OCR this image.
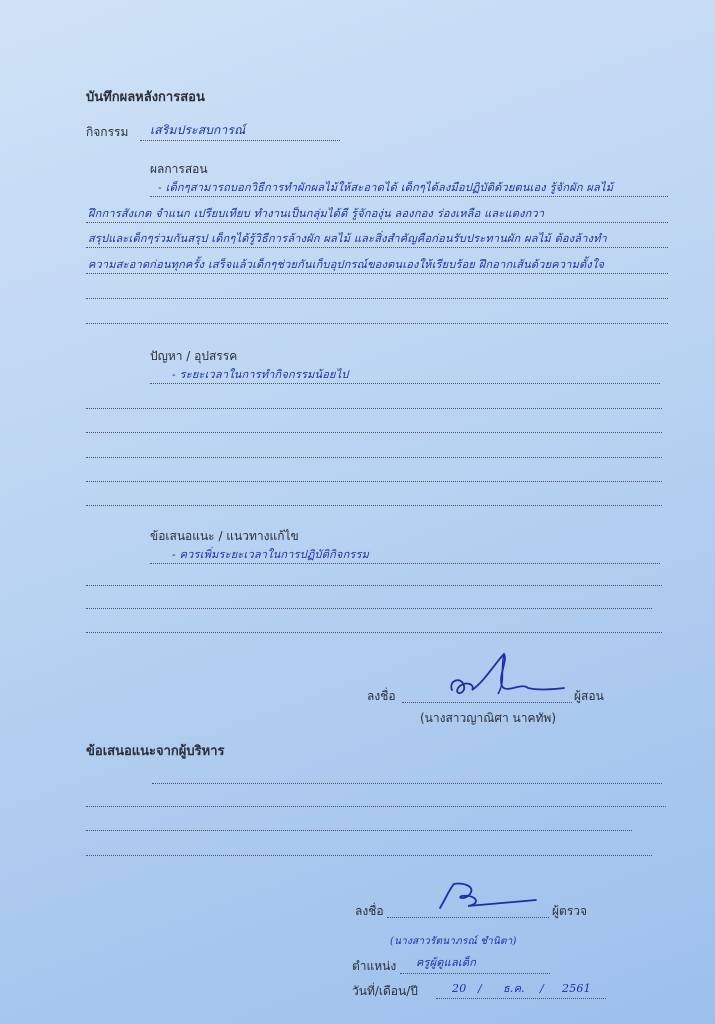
บันทึกผลหลังการสอน
กิจกรรม เสริมประสบการณ์
ผลการสอน
- เด็กๆสามารถบอกวิธีการทำผักผลไม้ให้สะอาดได้ เด็กๆได้ลงมือปฏิบัติด้วยตนเอง รู้จักผัก ผลไม้
ฝึกการสังเกต จำแนก เปรียบเทียบ ทำงานเป็นกลุ่มได้ดี รู้จักองุ่น ลองกอง ร่องเหลือ และแตงกวา
สรุปและเด็กๆร่วมกันสรุป เด็กๆได้รู้วิธีการล้างผัก ผลไม้ และสิ่งสำคัญคือก่อนรับประทานผัก ผลไม้ ต้องล้างทำ
ความสะอาดก่อนทุกครั้ง เสร็จแล้วเด็กๆช่วยกันเก็บอุปกรณ์ของตนเองให้เรียบร้อย ฝึกอากเส้นด้วยความตั้งใจ
ปัญหา / อุปสรรค
- ระยะเวลาในการทำกิจกรรมน้อยไป
ข้อเสนอแนะ / แนวทางแก้ไข
- ควรเพิ่มระยะเวลาในการปฏิบัติกิจกรรม
ลงชื่อ	ผู้สอน
(นางสาวญาณิศา นาคทัพ)
ข้อเสนอแนะจากผู้บริหาร
ลงชื่อ	ผู้ตรวจ
(นางสาวรัตนาภรณ์ ชำนิตา)
ตำแหน่ง ครูผู้ดูแลเด็ก
วันที่/เดือน/ปี	20 / ธ.ค. / 2561
